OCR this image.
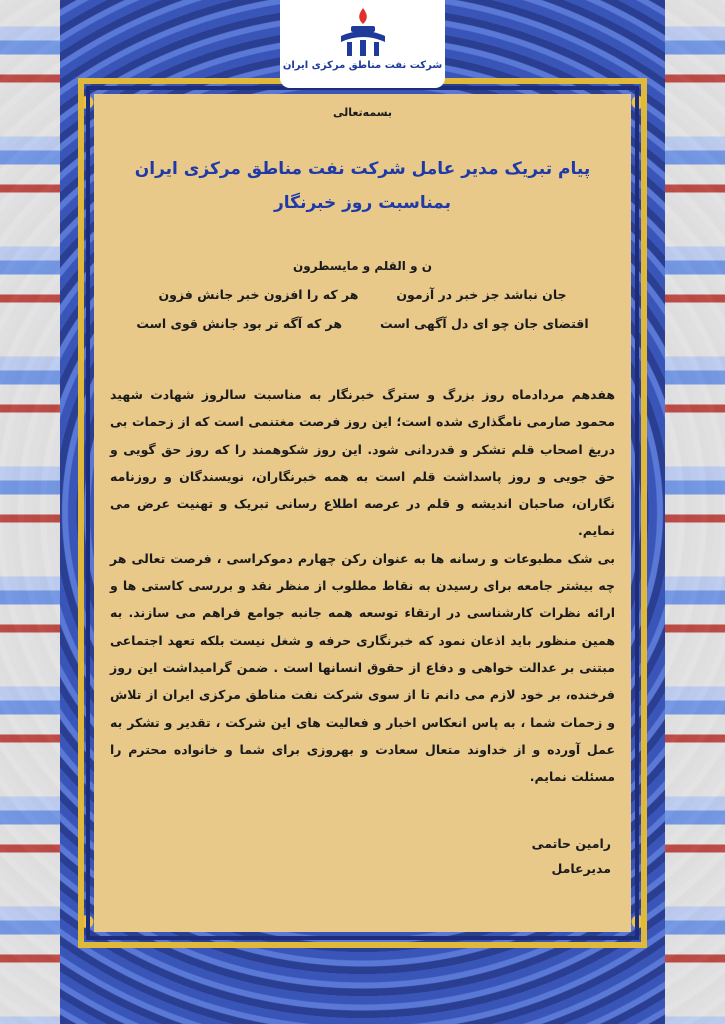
شرکت نفت مناطق مرکزی ایران
بسمه‌تعالی
پیام تبریک مدیر عامل شرکت نفت مناطق مرکزی ایران
بمناسبت روز خبرنگار
ن و القلم و مایسطرون
جان نباشد جز خبر در آزمون
هر که را افزون خبر جانش فزون
اقتضای جان چو ای دل آگهی است
هر که آگه تر بود جانش قوی است

هفدهم مردادماه روز بزرگ و سترگ خبرنگار به مناسبت سالروز شهادت شهید محمود صارمی نامگذاری شده است؛ این روز فرصت مغتنمی است که از زحمات بی دریغ اصحاب قلم تشکر و قدردانی شود. این روز شکوهمند را که روز حق گویی و حق جویی و روز پاسداشت قلم است به همه خبرنگاران، نویسندگان و روزنامه نگاران، صاحبان اندیشه و قلم در عرصه اطلاع رسانی تبریک و تهنیت عرض می نمایم.

بی شک مطبوعات و رسانه ها به عنوان رکن چهارم دموکراسی ، فرصت تعالی هر چه بیشتر جامعه برای رسیدن به نقاط مطلوب از منظر نقد و بررسی کاستی ها و ارائه نظرات کارشناسی در ارتقاء توسعه همه جانبه جوامع فراهم می سازند. به همین منظور باید اذعان نمود که خبرنگاری حرفه و شغل نیست بلکه تعهد اجتماعی مبتنی بر عدالت خواهی و دفاع از حقوق انسانها است . ضمن گرامیداشت این روز فرخنده، بر خود لازم می دانم تا از سوی شرکت نفت مناطق مرکزی ایران از تلاش و زحمات شما ، به پاس انعکاس اخبار و فعالیت های این شرکت ، تقدیر و تشکر به عمل آورده و از خداوند متعال سعادت و بهروزی برای شما و خانواده محترم را مسئلت نمایم.

رامین حاتمی
مدیرعامل
